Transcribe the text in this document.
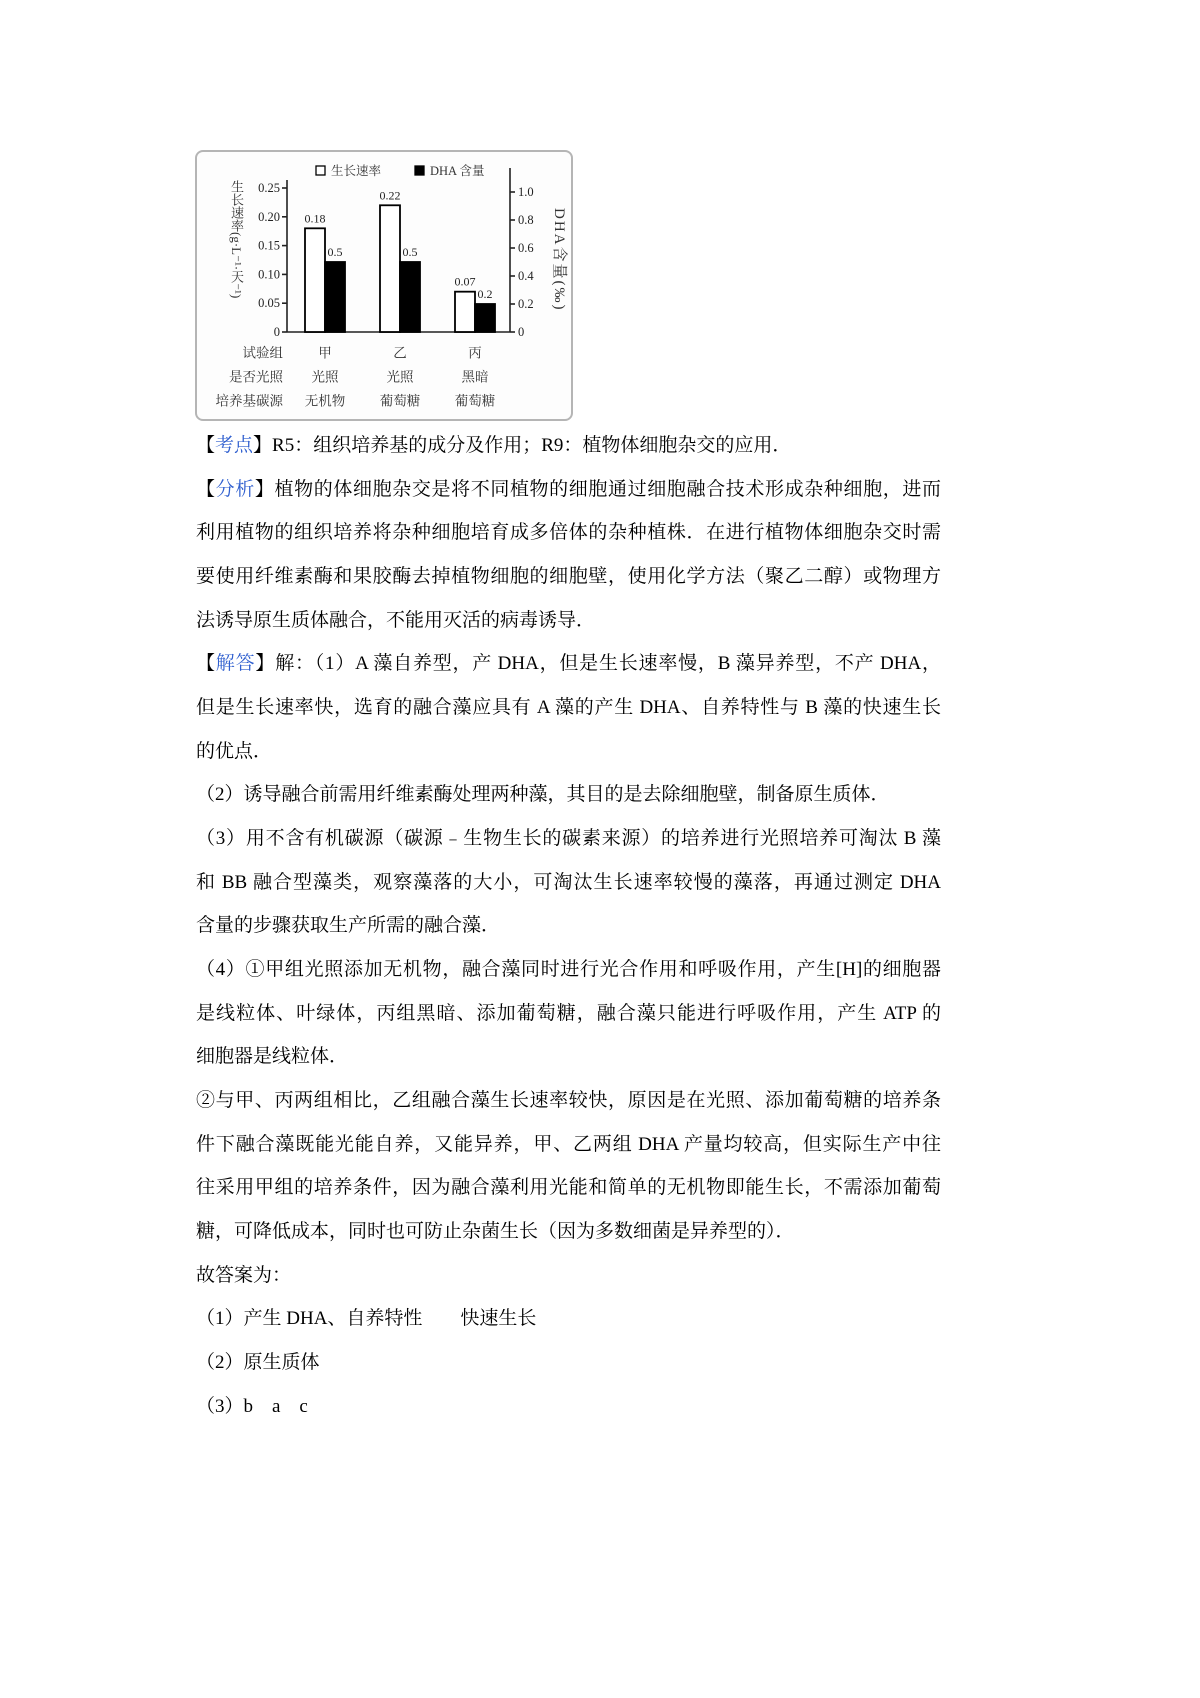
0
0.05
0.10
0.15
0.20
0.25
0
0.2
0.4
0.6
0.8
1.0
0.18
0.22
0.07
生长速率
0.5	0.5
0.2
DHA 含量
试验组	甲	乙	丙
是否光照 光照	光照	黑暗
培养基碳源 无机物	葡萄糖	葡萄糖
生长速率(g·L⁻¹·天⁻¹)	DHA含量(‰)
【考点】R5：组织培养基的成分及作用；R9：植物体细胞杂交的应用．
【分析】植物的体细胞杂交是将不同植物的细胞通过细胞融合技术形成杂种细胞，进而
利用植物的组织培养将杂种细胞培育成多倍体的杂种植株．在进行植物体细胞杂交时需
要使用纤维素酶和果胶酶去掉植物细胞的细胞壁，使用化学方法（聚乙二醇）或物理方
法诱导原生质体融合，不能用灭活的病毒诱导．
【解答】解：（1）A 藻自养型，产 DHA，但是生长速率慢，B 藻异养型，不产 DHA，
但是生长速率快，选育的融合藻应具有 A 藻的产生 DHA、自养特性与 B 藻的快速生长
的优点．
（2）诱导融合前需用纤维素酶处理两种藻，其目的是去除细胞壁，制备原生质体．
（3）用不含有机碳源（碳源﹣生物生长的碳素来源）的培养进行光照培养可淘汰 B 藻
和 BB 融合型藻类，观察藻落的大小，可淘汰生长速率较慢的藻落，再通过测定 DHA
含量的步骤获取生产所需的融合藻．
（4）①甲组光照添加无机物，融合藻同时进行光合作用和呼吸作用，产生[H]的细胞器
是线粒体、叶绿体，丙组黑暗、添加葡萄糖，融合藻只能进行呼吸作用，产生 ATP 的
细胞器是线粒体．
②与甲、丙两组相比，乙组融合藻生长速率较快，原因是在光照、添加葡萄糖的培养条
件下融合藻既能光能自养，又能异养，甲、乙两组 DHA 产量均较高，但实际生产中往
往采用甲组的培养条件，因为融合藻利用光能和简单的无机物即能生长，不需添加葡萄
糖，可降低成本，同时也可防止杂菌生长（因为多数细菌是异养型的）．
故答案为：
（1）产生 DHA、自养特性　　快速生长
（2）原生质体
（3）b　a　c
